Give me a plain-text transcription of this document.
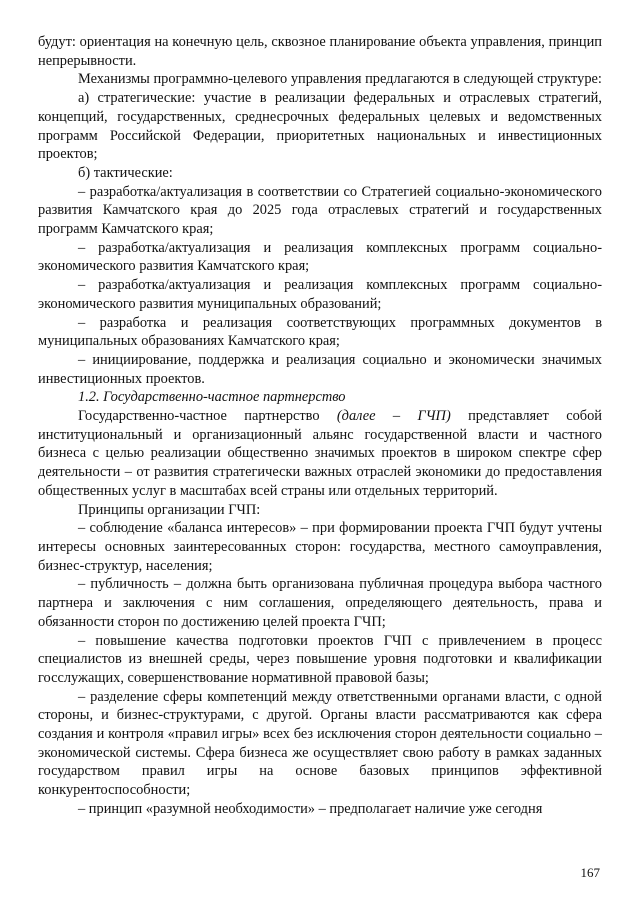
будут: ориентация на конечную цель, сквозное планирование объекта управления, принцип непрерывности.

Механизмы программно-целевого управления предлагаются в следующей структуре:

а) стратегические: участие в реализации федеральных и отраслевых стратегий, концепций, государственных, среднесрочных федеральных целевых и ведомственных программ Российской Федерации, приоритетных национальных и инвестиционных проектов;

б) тактические:

– разработка/актуализация в соответствии со Стратегией социально-экономического развития Камчатского края до 2025 года отраслевых стратегий и государственных программ Камчатского края;

– разработка/актуализация и реализация комплексных программ социально-экономического развития Камчатского края;

– разработка/актуализация и реализация комплексных программ социально-экономического развития муниципальных образований;

– разработка и реализация соответствующих программных документов в муниципальных образованиях Камчатского края;

– инициирование, поддержка и реализация социально и экономически значимых инвестиционных проектов.

1.2. Государственно-частное партнерство

Государственно-частное партнерство (далее – ГЧП) представляет собой институциональный и организационный альянс государственной власти и частного бизнеса с целью реализации общественно значимых проектов в широком спектре сфер деятельности – от развития стратегически важных отраслей экономики до предоставления общественных услуг в масштабах всей страны или отдельных территорий.

Принципы организации ГЧП:

– соблюдение «баланса интересов» – при формировании проекта ГЧП будут учтены интересы основных заинтересованных сторон: государства, местного самоуправления, бизнес-структур, населения;

– публичность – должна быть организована публичная процедура выбора частного партнера и заключения с ним соглашения, определяющего деятельность, права и обязанности сторон по достижению целей проекта ГЧП;

– повышение качества подготовки проектов ГЧП с привлечением в процесс специалистов из внешней среды, через повышение уровня подготовки и квалификации госслужащих, совершенствование нормативной правовой базы;

– разделение сферы компетенций между ответственными органами власти, с одной стороны, и бизнес-структурами, с другой. Органы власти рассматриваются как сфера создания и контроля «правил игры» всех без исключения сторон деятельности социально – экономической системы. Сфера бизнеса же осуществляет свою работу в рамках заданных государством правил игры на основе базовых принципов эффективной конкурентоспособности;

– принцип «разумной необходимости» – предполагает наличие уже сегодня

167
